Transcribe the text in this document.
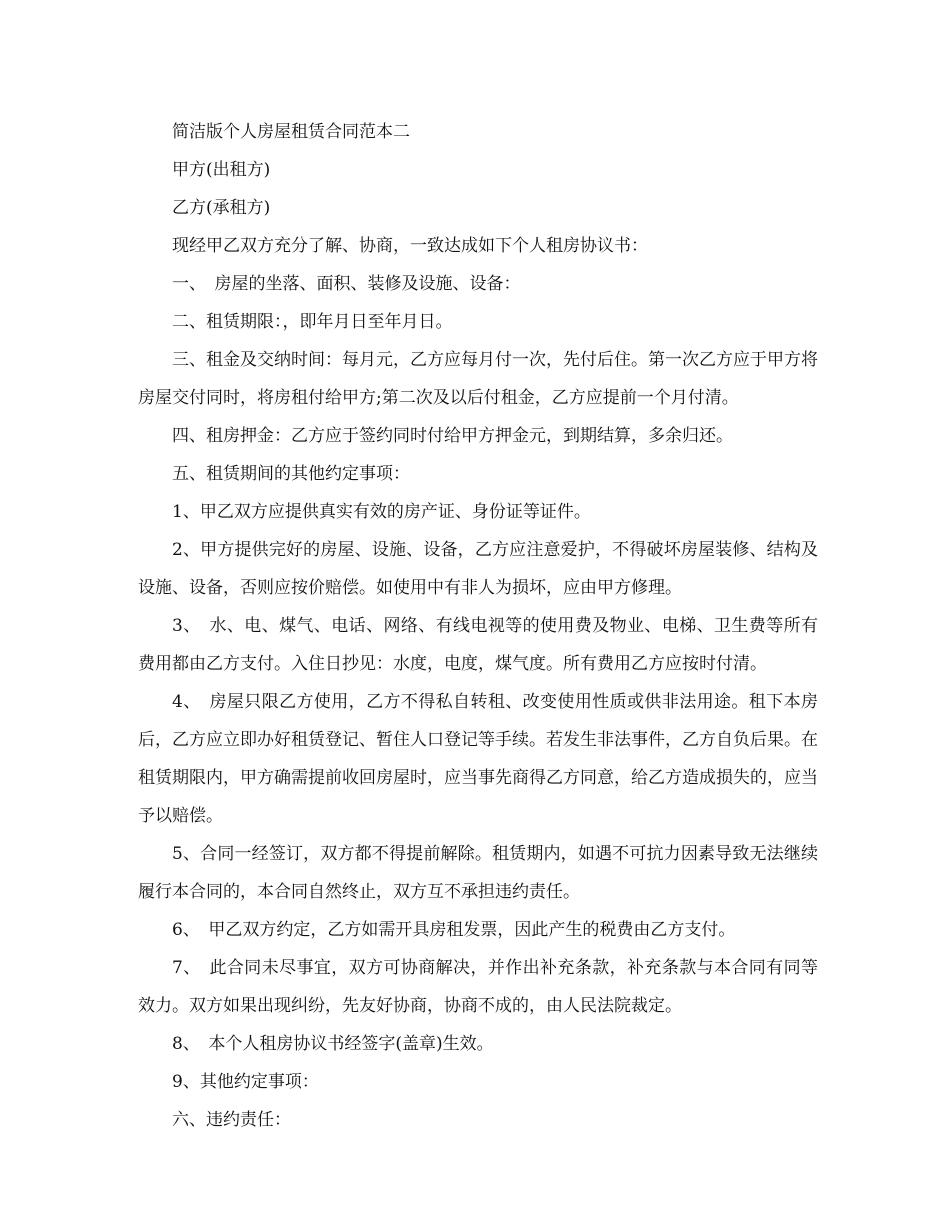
简洁版个人房屋租赁合同范本二

甲方(出租方)

乙方(承租方)

现经甲乙双方充分了解、协商，一致达成如下个人租房协议书：

一、　房屋的坐落、面积、装修及设施、设备：

二、租赁期限：，即年月日至年月日。

三、租金及交纳时间：每月元，乙方应每月付一次，先付后住。第一次乙方应于甲方将房屋交付同时，将房租付给甲方;第二次及以后付租金，乙方应提前一个月付清。

四、租房押金：乙方应于签约同时付给甲方押金元，到期结算，多余归还。

五、租赁期间的其他约定事项：

1、甲乙双方应提供真实有效的房产证、身份证等证件。

2、甲方提供完好的房屋、设施、设备，乙方应注意爱护，不得破坏房屋装修、结构及设施、设备，否则应按价赔偿。如使用中有非人为损坏，应由甲方修理。

3、　水、电、煤气、电话、网络、有线电视等的使用费及物业、电梯、卫生费等所有费用都由乙方支付。入住日抄见：水度，电度，煤气度。所有费用乙方应按时付清。

4、　房屋只限乙方使用，乙方不得私自转租、改变使用性质或供非法用途。租下本房后，乙方应立即办好租赁登记、暂住人口登记等手续。若发生非法事件，乙方自负后果。在租赁期限内，甲方确需提前收回房屋时，应当事先商得乙方同意，给乙方造成损失的，应当予以赔偿。

5、合同一经签订，双方都不得提前解除。租赁期内，如遇不可抗力因素导致无法继续履行本合同的，本合同自然终止，双方互不承担违约责任。

6、　甲乙双方约定，乙方如需开具房租发票，因此产生的税费由乙方支付。

7、　此合同未尽事宜，双方可协商解决，并作出补充条款，补充条款与本合同有同等效力。双方如果出现纠纷，先友好协商，协商不成的，由人民法院裁定。

8、　本个人租房协议书经签字(盖章)生效。

9、其他约定事项：

六、违约责任：
